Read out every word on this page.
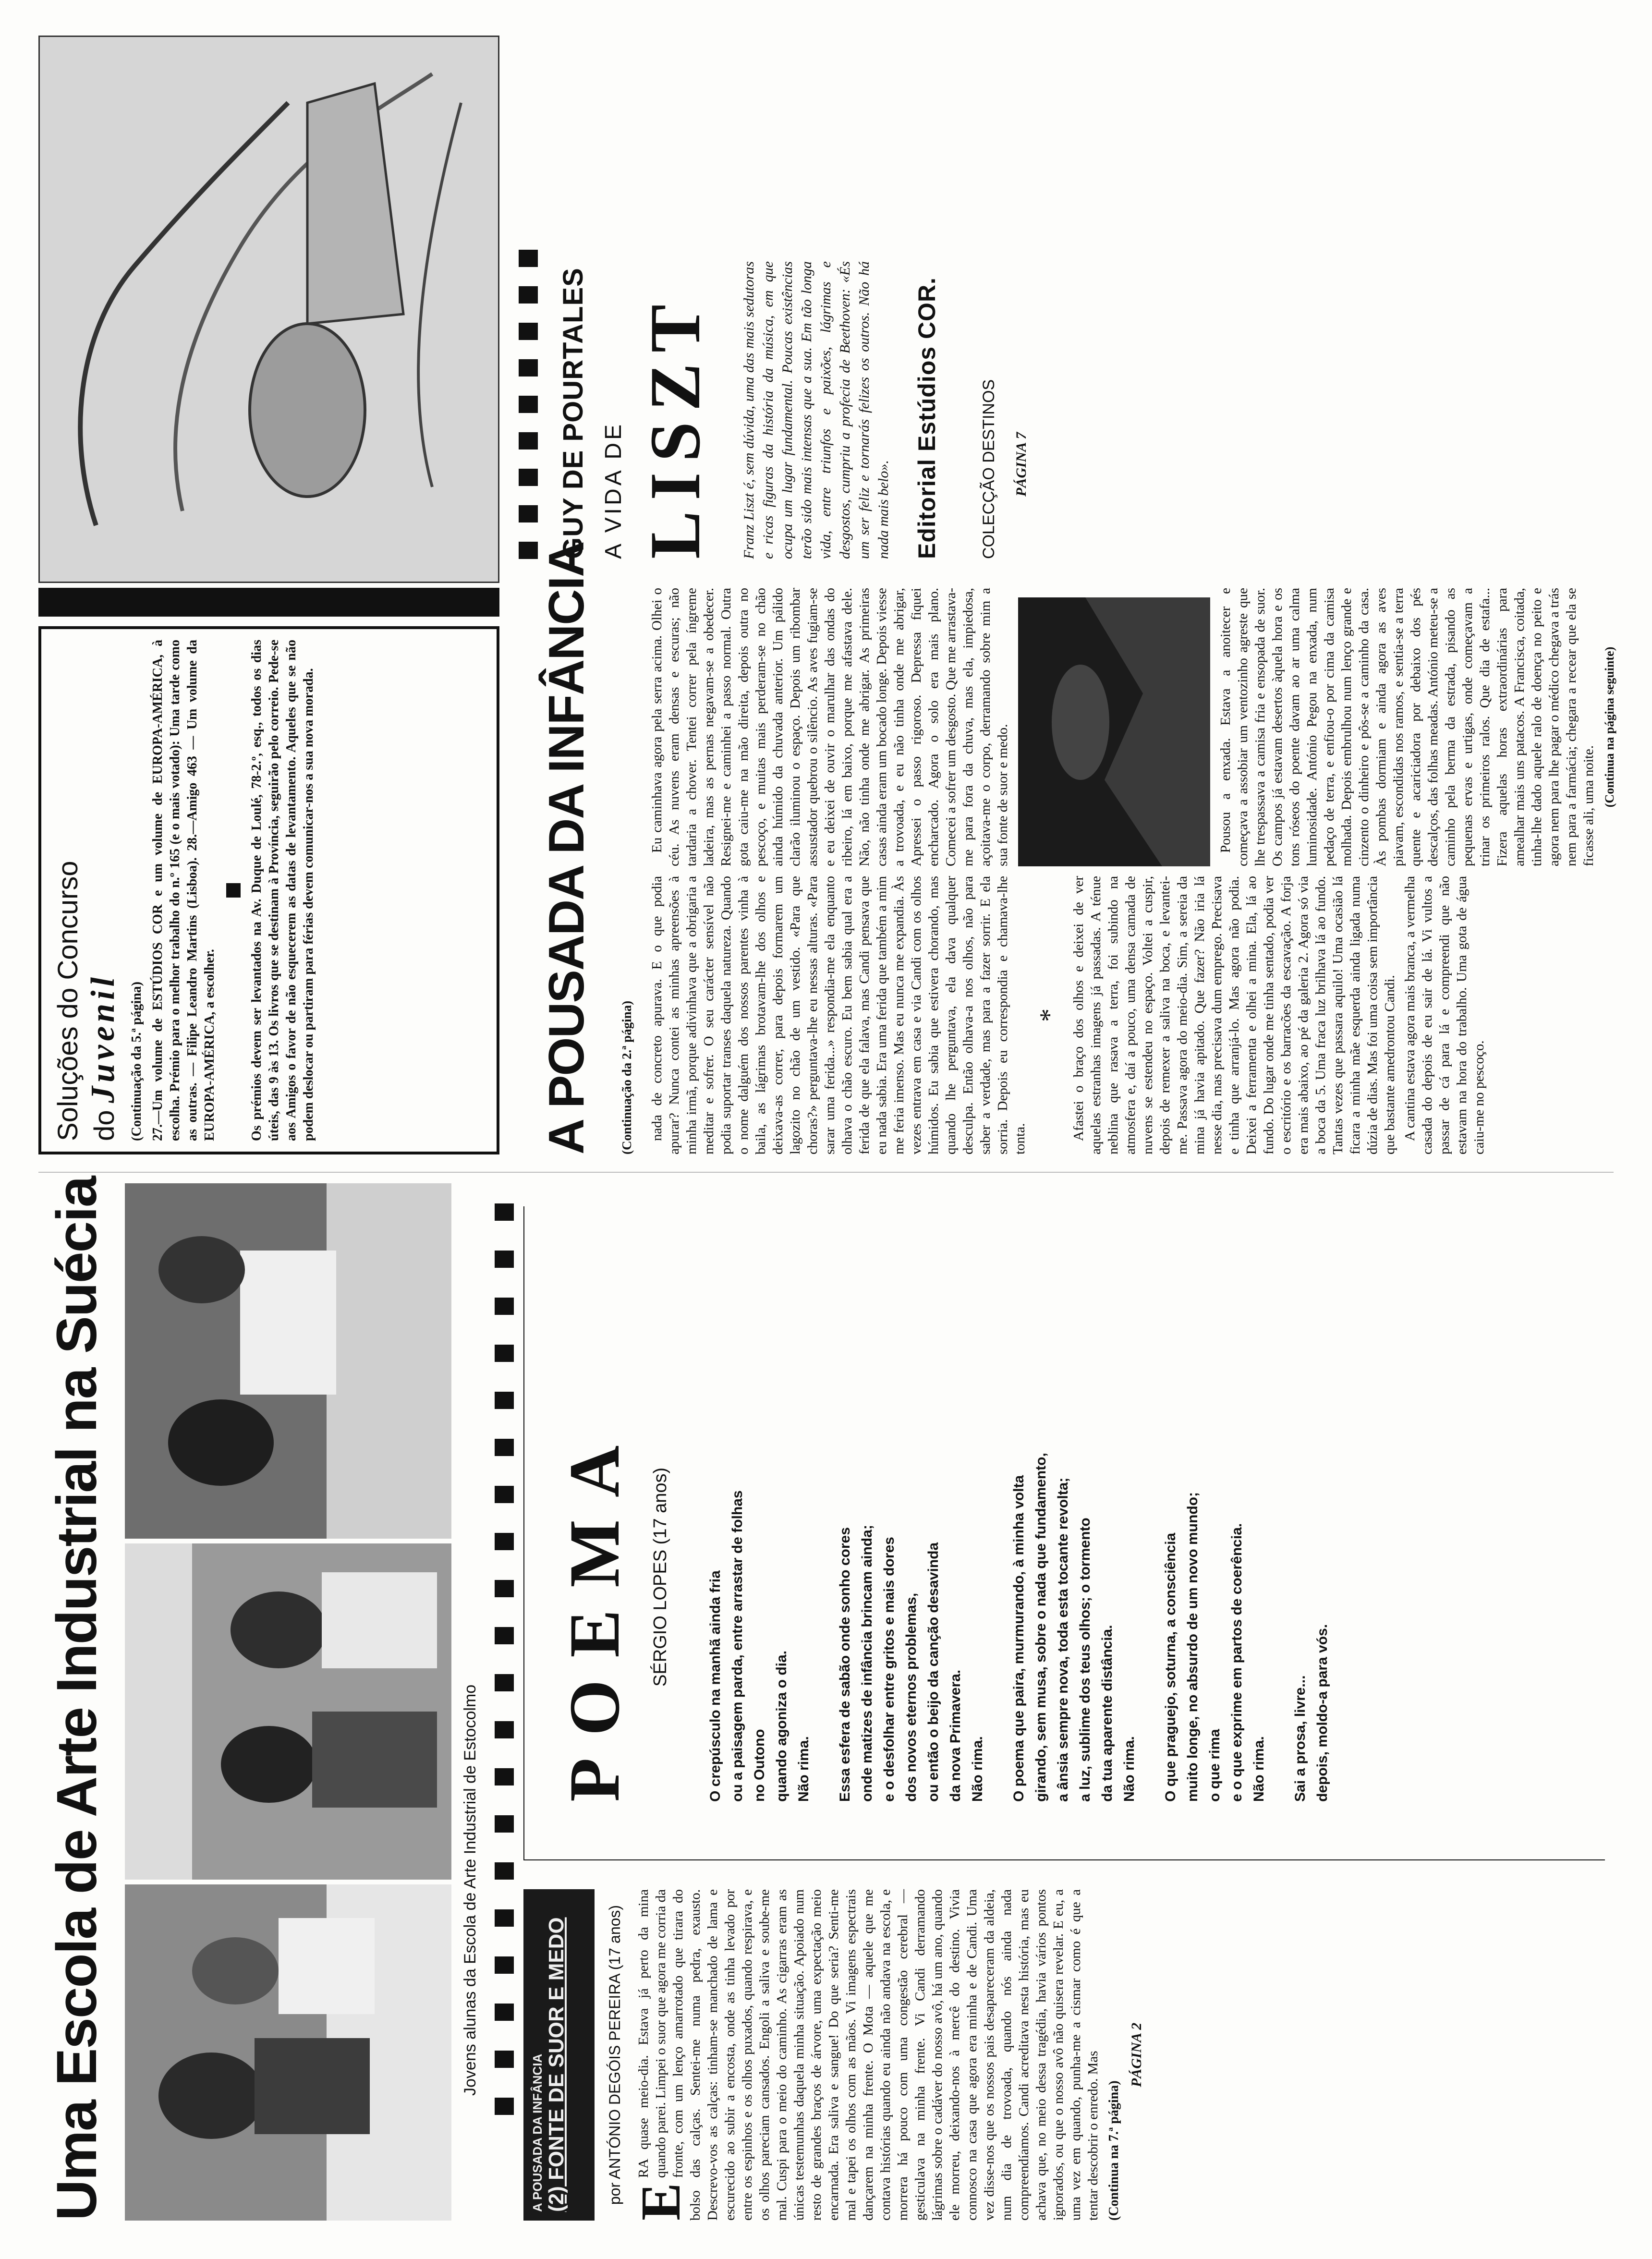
Uma Escola de Arte Industrial na Suécia	Jovens alunas da Escola de Arte Industrial de Estocolmo
A POUSADA DA INFÂNCIA (2) FONTE DE SUOR E MEDO por ANTÓNIO DEGÓIS PEREIRA (17 anos) E
RA quase meio-dia. Estava já perto da mina quando parei. Limpei o suor que agora me corria da fronte, com um lenço amarrotado que tirara do bolso das calças. Sentei-me numa pedra, exausto. Descrevo-vos as calças: tinham-se manchado de lama e escurecido ao subir a encosta, onde as tinha levado por entre os espinhos e os olhos puxados, quando respirava, e os olhos pareciam cansados. Engoli a saliva e soube-me mal. Cuspi para o meio do caminho. As cigarras eram as únicas testemunhas daquela minha situação. Apoiado num resto de grandes braços de árvore, uma expectação meio encarnada. Era saliva e sangue! Do que seria? Senti-me mal e tapei os olhos com as mãos. Vi imagens espectrais dançarem na minha frente. O Mota — aquele que me contava histórias quando eu ainda não andava na escola, e morrera há pouco com uma congestão cerebral — gesticulava na minha frente. Vi Candi derramando lágrimas sobre o cadáver do nosso avô, há um ano, quando ele morreu, deixando-nos à mercê do destino. Vivia connosco na casa que agora era minha e de Candi. Uma vez disse-nos que os nossos pais desapareceram da aldeia, num dia de trovoada, quando nós ainda nada compreendíamos. Candi acreditava nesta história, mas eu achava que, no meio dessa tragédia, havia vários pontos ignorados, ou que o nosso avô não quisera revelar. E eu, a uma vez em quando, punha-me a cismar como é que a tentar descobrir o enredo. Mas (Continua na 7.ª página)
PÁGINA 2
POEMA SÉRGIO LOPES (17 anos)	O crepúsculo na manhã ainda fria ou a paisagem parda, entre arrastar de folhas no Outono quando agoniza o dia. Não rima. Essa esfera de sabão onde sonho cores onde matizes de infância brincam ainda; e o desfolhar entre gritos e mais dores dos novos eternos problemas, ou então o beijo da canção desavinda da nova Primavera. Não rima. O poema que paira, murmurando, à minha volta girando, sem musa, sobre o nada que fundamento, a ânsia sempre nova, toda esta tocante revolta; a luz, sublime dos teus olhos; o tormento da tua aparente distância. Não rima. O que praguejo, soturna, a consciência muito longe, no absurdo de um novo mundo; o que rima e o que exprime em partos de coerência. Não rima. Sai a prosa, livre... depois, moldo-a para vós.
A POUSADA DA INFÂNCIA (Continuação da 2.ª página) nada de concreto apurava. E o que podia apurar? Nunca contei as minhas apreensões à minha irmã, porque adivinhava que a obrigaria a meditar e sofrer. O seu carácter sensível não podia suportar transes daquela natureza. Quando o nome dalguém dos nossos parentes vinha à baila, as lágrimas brotavam-lhe dos olhos e deixava-as correr, para depois formarem um lagozito no chão de um vestido. «Para que choras?» perguntava-lhe eu nessas alturas. «Para sarar uma ferida...» respondia-me ela enquanto olhava o chão escuro. Eu bem sabia qual era a ferida de que ela falava, mas Candi pensava que eu nada sabia. Era uma ferida que também a mim me feria imenso. Mas eu nunca me expandia. Às vezes entrava em casa e via Candi com os olhos húmidos. Eu sabia que estivera chorando, mas quando lhe perguntava, ela dava qualquer desculpa. Então olhava-a nos olhos, não para saber a verdade, mas para a fazer sorrir. E ela sorria. Depois eu correspondia e chamava-lhe tonta.

* Afastei o braço dos olhos e deixei de ver aquelas estranhas imagens já passadas. A ténue neblina que rasava a terra, foi subindo na atmosfera e, daí a pouco, uma densa camada de nuvens se estendeu no espaço. Voltei a cuspir, depois de remexer a saliva na boca, e levantei-me. Passava agora do meio-dia. Sim, a sereia da mina já havia apitado. Que fazer? Não iria lá nesse dia, mas precisava dum emprego. Precisava e tinha que arranjá-lo. Mas agora não podia. Deixei a ferramenta e olhei a mina. Ela, lá ao fundo. Do lugar onde me tinha sentado, podia ver o escritório e os barracões da escavação. A forja era mais abaixo, ao pé da galeria 2. Agora só via a boca da 5. Uma fraca luz brilhava lá ao fundo. Tantas vezes que passara aquilo! Uma ocasião lá ficara a minha mãe esquerda ainda ligada numa dúzia de dias. Mas foi uma coisa sem importância que bastante amedrontou Candi. A cantina estava agora mais branca, a vermelha casada do depois de eu sair de lá. Vi vultos a passar de cá para lá e compreendi que não estavam na hora do trabalho. Uma gota de água caiu-me no pescoço.

Eu caminhava agora pela serra acima. Olhei o céu. As nuvens eram densas e escuras; não tardaria a chover. Tentei correr pela íngreme ladeira, mas as pernas negavam-se a obedecer. Resignei-me e caminhei a passo normal. Outra gota caiu-me na mão direita, depois outra no pescoço, e muitas mais perderam-se no chão ainda húmido da chuvada anterior. Um pálido clarão iluminou o espaço. Depois um ribombar assustador quebrou o silêncio. As aves fugiam-se e eu deixei de ouvir o marulhar das ondas do ribeiro, lá em baixo, porque me afastava dele. Não, não tinha onde me abrigar. As primeiras casas ainda eram um bocado longe. Depois viesse a trovoada, e eu não tinha onde me abrigar, Apressei o passo rigoroso. Depressa fiquei encharcado. Agora o solo era mais plano. Comecei a sofrer um desgosto. Que me arrastava-me para fora da chuva, mas ela, impiedosa, açoitava-me o corpo, derramando sobre mim a sua fonte de suor e medo.	Pousou a enxada. Estava a anoitecer e começava a assobiar um ventozinho agreste que lhe trespassava a camisa fria e ensopada de suor. Os campos já estavam desertos àquela hora e os tons róseos do poente davam ao ar uma calma luminosidade. António Pegou na enxada, num pedaço de terra, e enfiou-o por cima da camisa molhada. Depois embrulhou num lenço grande e cinzento o dinheiro e pôs-se a caminho da casa. Às pombas dormiam e ainda agora as aves piavam, escondidas nos ramos, e sentia-se a terra quente e acariciadora por debaixo dos pés descalços, das folhas meadas. António meteu-se a caminho pela berma da estrada, pisando as pequenas ervas e urtigas, onde começavam a trinar os primeiros ralos. Que dia de estafa... Fizera aquelas horas extraordinárias para amealhar mais uns patacos. A Francisca, coitada, tinha-lhe dado aquele ralo de doença no peito e agora nem para lhe pagar o médico chegava a trás nem para a farmácia; chegara a recear que ela se ficasse ali, uma noite. (Continua na página seguinte)
GUY DE POURTALES A VIDA DE LISZT Franz Liszt é, sem dúvida, uma das mais sedutoras e ricas figuras da história da música, em que ocupa um lugar fundamental. Poucas existências terão sido mais intensas que a sua. Em tão longa vida, entre triunfos e paixões, lágrimas e desgostos, cumpriu a profecia de Beethoven: «És um ser feliz e tornarás felizes os outros. Não há nada mais belo». Editorial Estúdios COR. COLECÇÃO DESTINOS PÁGINA 7
Soluções do Concurso do Juvenil (Continuação da 5.ª página) 27.—Um volume de ESTÚDIOS COR e um volume de EUROPA-AMÉRICA, à escolha. Prémio para o melhor trabalho do n.º 165 (e o mais votado): Uma tarde como as outras. — Filipe Leandro Martins (Lisboa). 28.—Amigo 463 — Um volume da EUROPA-AMÉRICA, a escolher. Os prémios devem ser levantados na Av. Duque de Loulé, 78-2.º, esq., todos os dias úteis, das 9 às 13. Os livros que se destinam à Província, seguirão pelo correio. Pede-se aos Amigos o favor de não esquecerem as datas de levantamento. Aqueles que se não podem deslocar ou partiram para férias devem comunicar-nos a sua nova morada.
